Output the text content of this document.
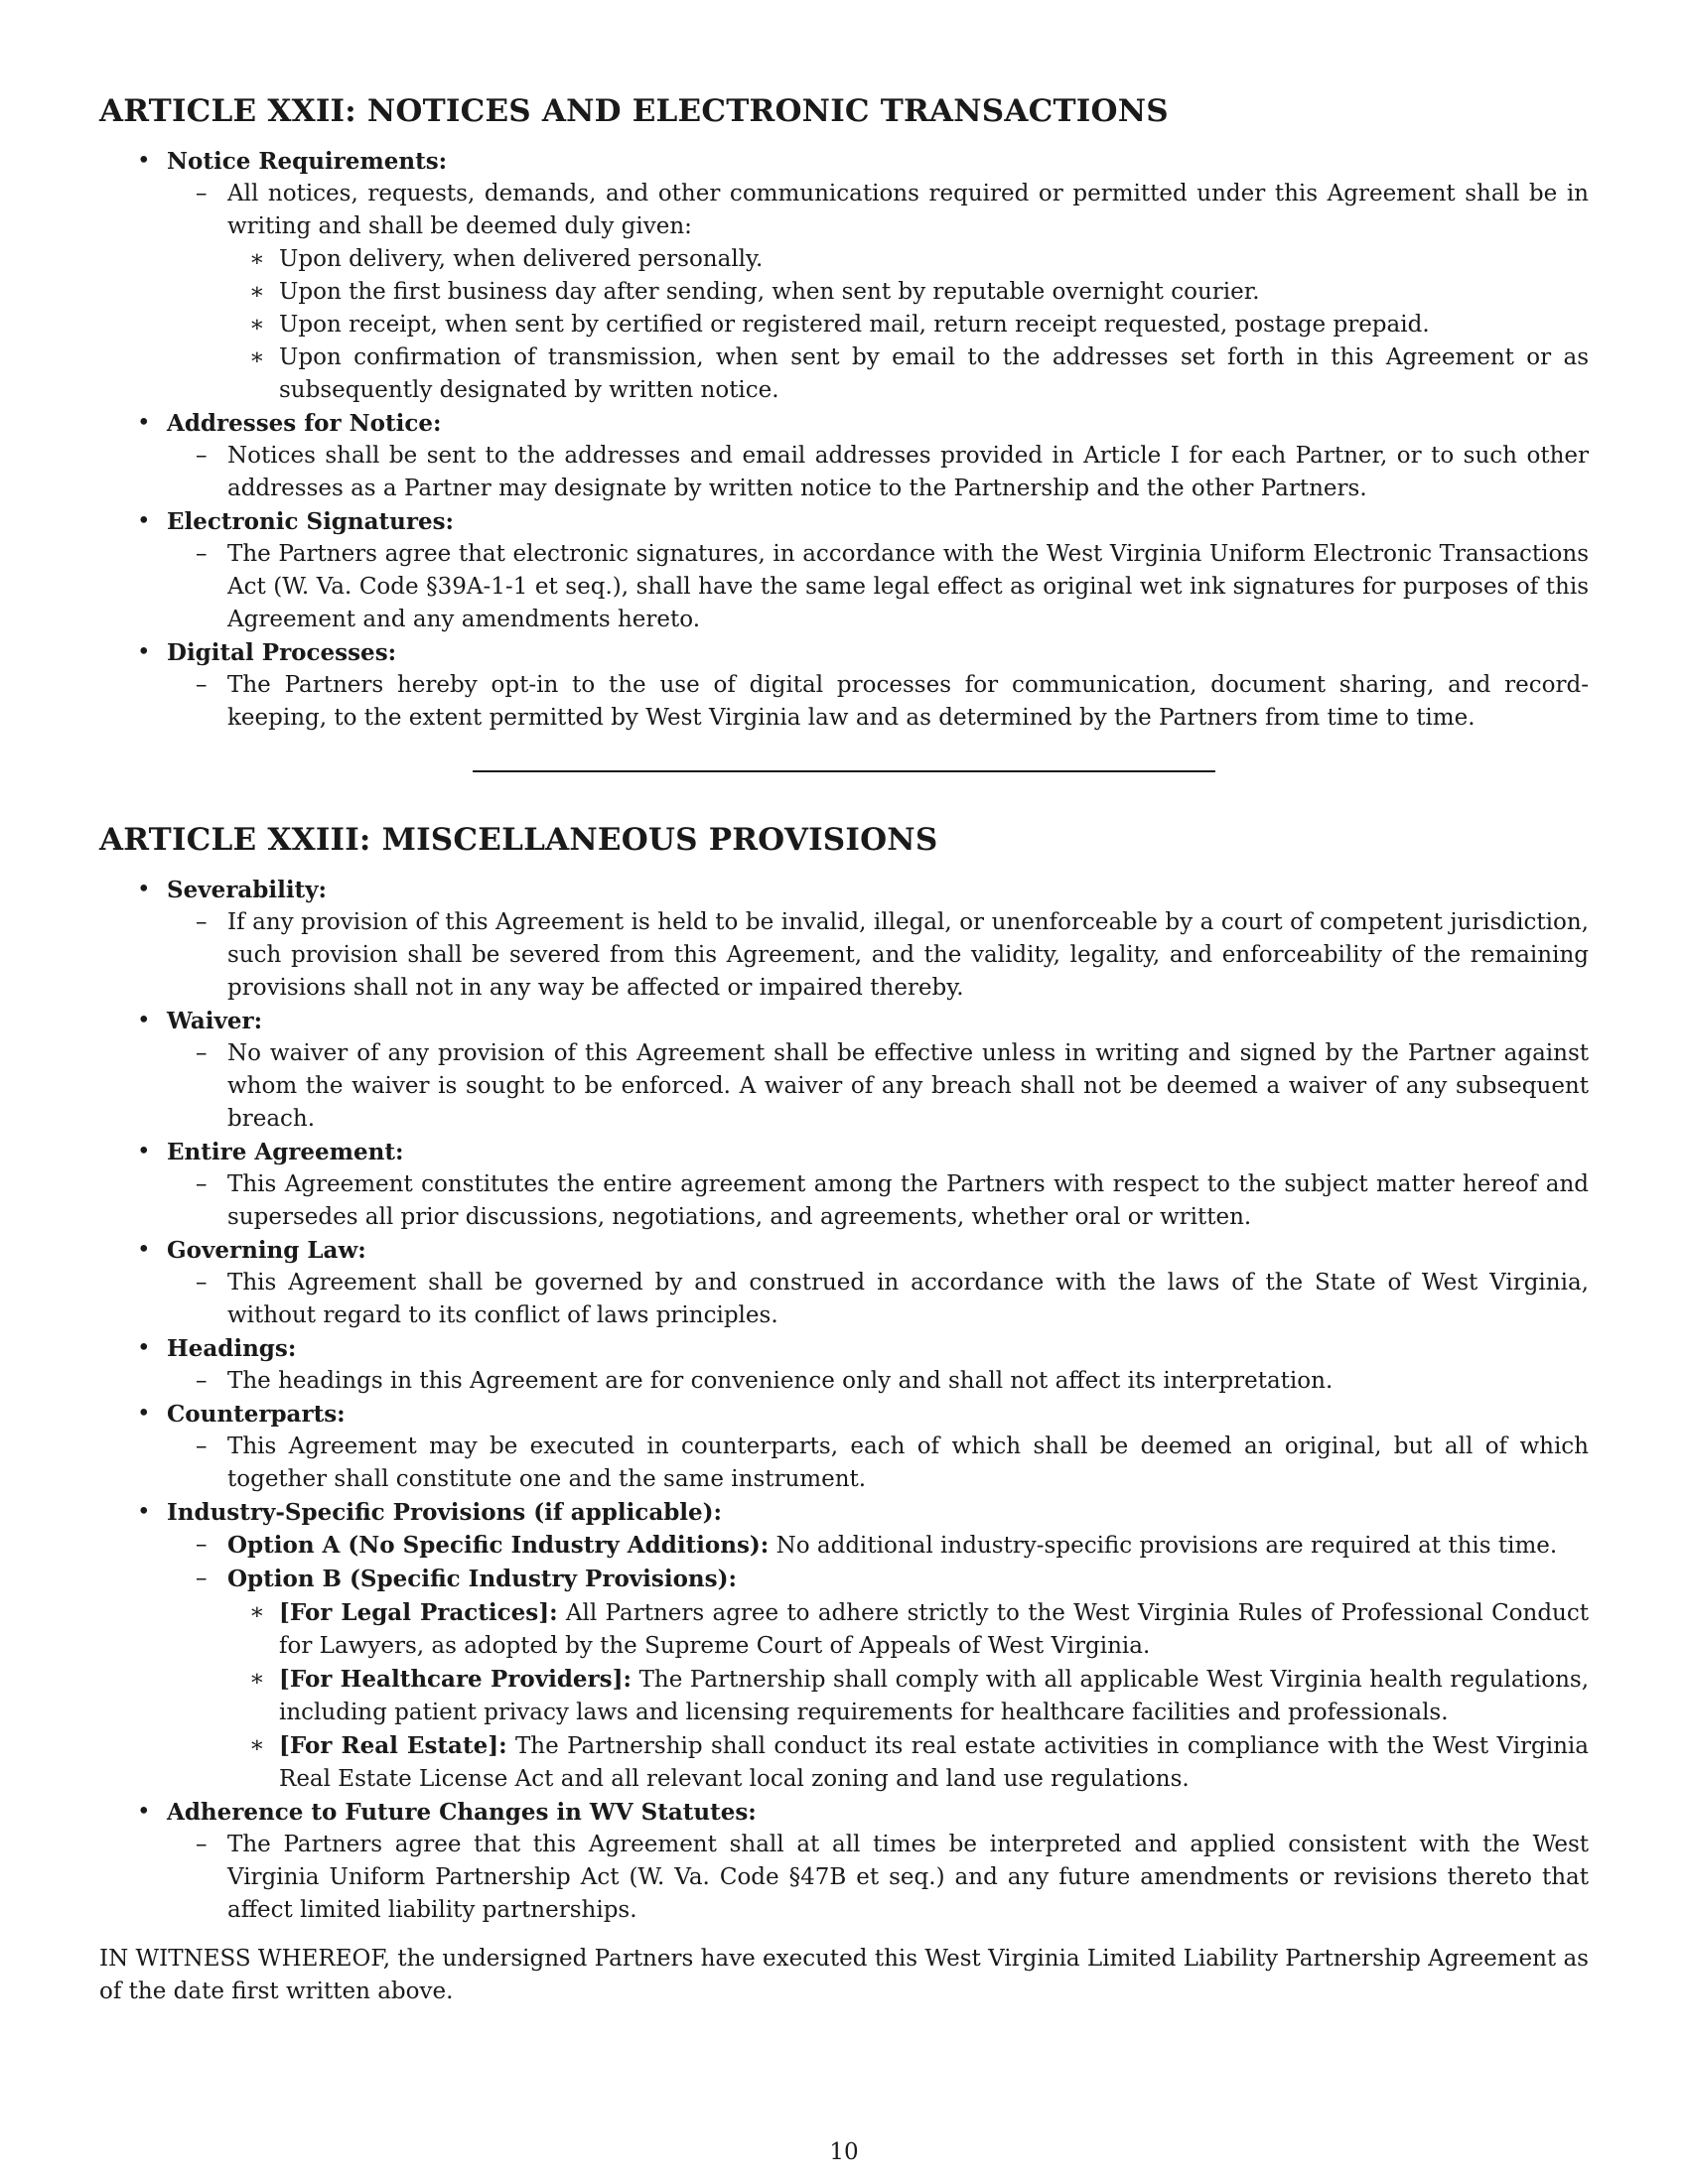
ARTICLE XXII: NOTICES AND ELECTRONIC TRANSACTIONS
• Notice Requirements:
– All notices, requests, demands, and other communications required or permitted under this Agreement shall be in writing and shall be deemed duly given:
∗ Upon delivery, when delivered personally.
∗ Upon the first business day after sending, when sent by reputable overnight courier.
∗ Upon receipt, when sent by certified or registered mail, return receipt requested, postage prepaid.
∗ Upon confirmation of transmission, when sent by email to the addresses set forth in this Agreement or as subsequently designated by written notice.
• Addresses for Notice:
– Notices shall be sent to the addresses and email addresses provided in Article I for each Partner, or to such other addresses as a Partner may designate by written notice to the Partnership and the other Partners.
• Electronic Signatures:
– The Partners agree that electronic signatures, in accordance with the West Virginia Uniform Electronic Transactions Act (W. Va. Code §39A-1-1 et seq.), shall have the same legal effect as original wet ink signatures for purposes of this Agreement and any amendments hereto.
• Digital Processes:
– The Partners hereby opt-in to the use of digital processes for communication, document sharing, and record-keeping, to the extent permitted by West Virginia law and as determined by the Partners from time to time.
ARTICLE XXIII: MISCELLANEOUS PROVISIONS
• Severability:
– If any provision of this Agreement is held to be invalid, illegal, or unenforceable by a court of competent jurisdiction, such provision shall be severed from this Agreement, and the validity, legality, and enforceability of the remaining provisions shall not in any way be affected or impaired thereby.
• Waiver:
– No waiver of any provision of this Agreement shall be effective unless in writing and signed by the Partner against whom the waiver is sought to be enforced. A waiver of any breach shall not be deemed a waiver of any subsequent breach.
• Entire Agreement:
– This Agreement constitutes the entire agreement among the Partners with respect to the subject matter hereof and supersedes all prior discussions, negotiations, and agreements, whether oral or written.
• Governing Law:
– This Agreement shall be governed by and construed in accordance with the laws of the State of West Virginia, without regard to its conflict of laws principles.
• Headings:
– The headings in this Agreement are for convenience only and shall not affect its interpretation.
• Counterparts:
– This Agreement may be executed in counterparts, each of which shall be deemed an original, but all of which together shall constitute one and the same instrument.
• Industry-Specific Provisions (if applicable):
– Option A (No Specific Industry Additions): No additional industry-specific provisions are required at this time.
– Option B (Specific Industry Provisions):
∗ [For Legal Practices]: All Partners agree to adhere strictly to the West Virginia Rules of Professional Conduct for Lawyers, as adopted by the Supreme Court of Appeals of West Virginia.
∗ [For Healthcare Providers]: The Partnership shall comply with all applicable West Virginia health regulations, including patient privacy laws and licensing requirements for healthcare facilities and professionals.
∗ [For Real Estate]: The Partnership shall conduct its real estate activities in compliance with the West Virginia Real Estate License Act and all relevant local zoning and land use regulations.
• Adherence to Future Changes in WV Statutes:
– The Partners agree that this Agreement shall at all times be interpreted and applied consistent with the West Virginia Uniform Partnership Act (W. Va. Code §47B et seq.) and any future amendments or revisions thereto that affect limited liability partnerships.

IN WITNESS WHEREOF, the undersigned Partners have executed this West Virginia Limited Liability Partnership Agreement as of the date first written above.

10
